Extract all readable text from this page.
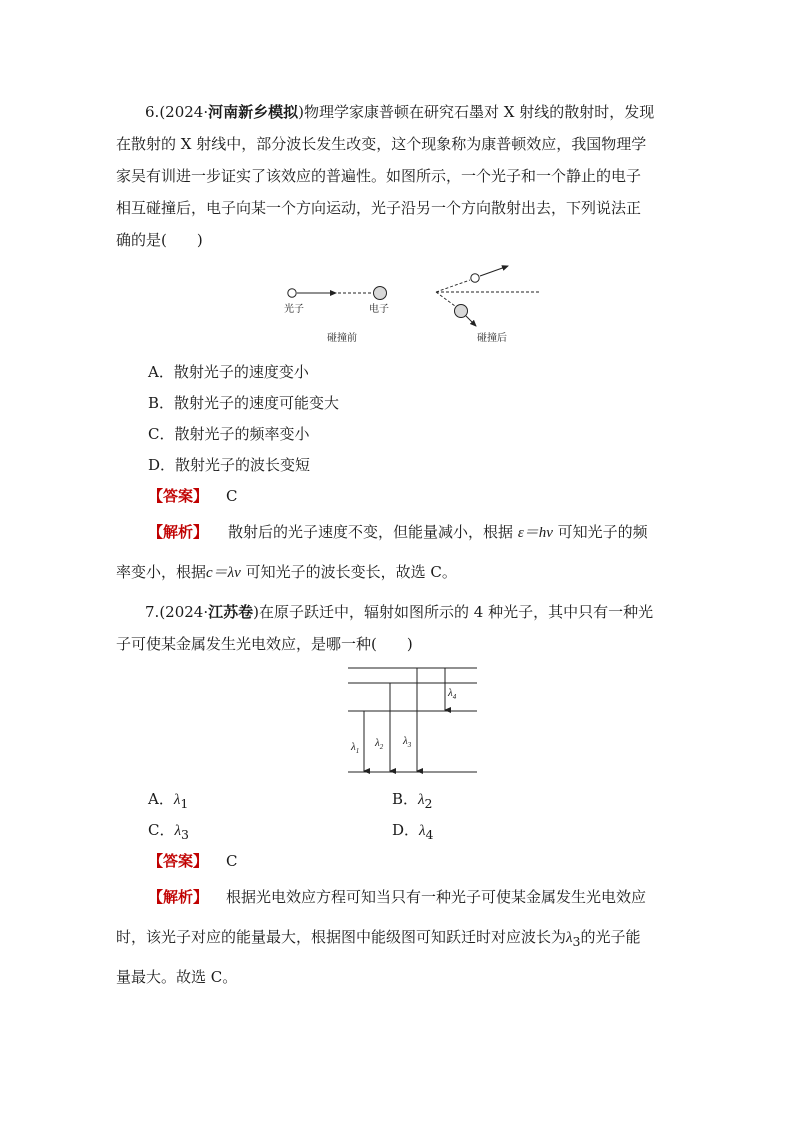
6.(2024·河南新乡模拟)物理学家康普顿在研究石墨对 X 射线的散射时，发现
在散射的 X 射线中，部分波长发生改变，这个现象称为康普顿效应，我国物理学
家吴有训进一步证实了该效应的普遍性。如图所示，一个光子和一个静止的电子
相互碰撞后，电子向某一个方向运动，光子沿另一个方向散射出去，下列说法正
确的是(　　)
光子	电子
碰撞前	碰撞后
A．散射光子的速度变小
B．散射光子的速度可能变大
C．散射光子的频率变小
D．散射光子的波长变短
【答案】 C
【解析】 散射后的光子速度不变，但能量减小，根据 ε＝hν 可知光子的频
率变小，根据c＝λν 可知光子的波长变长，故选 C。
7.(2024·江苏卷)在原子跃迁中，辐射如图所示的 4 种光子，其中只有一种光
子可使某金属发生光电效应，是哪一种(　　)
$\lambda_1$
$\lambda_2$ $\lambda_3$
$\lambda_4$
A．$\lambda_1$	B．$\lambda_2$
C．$\lambda_3$	D．$\lambda_4$
【答案】 C
【解析】 根据光电效应方程可知当只有一种光子可使某金属发生光电效应
时，该光子对应的能量最大，根据图中能级图可知跃迁时对应波长为$\lambda_3$的光子能
量最大。故选 C。
